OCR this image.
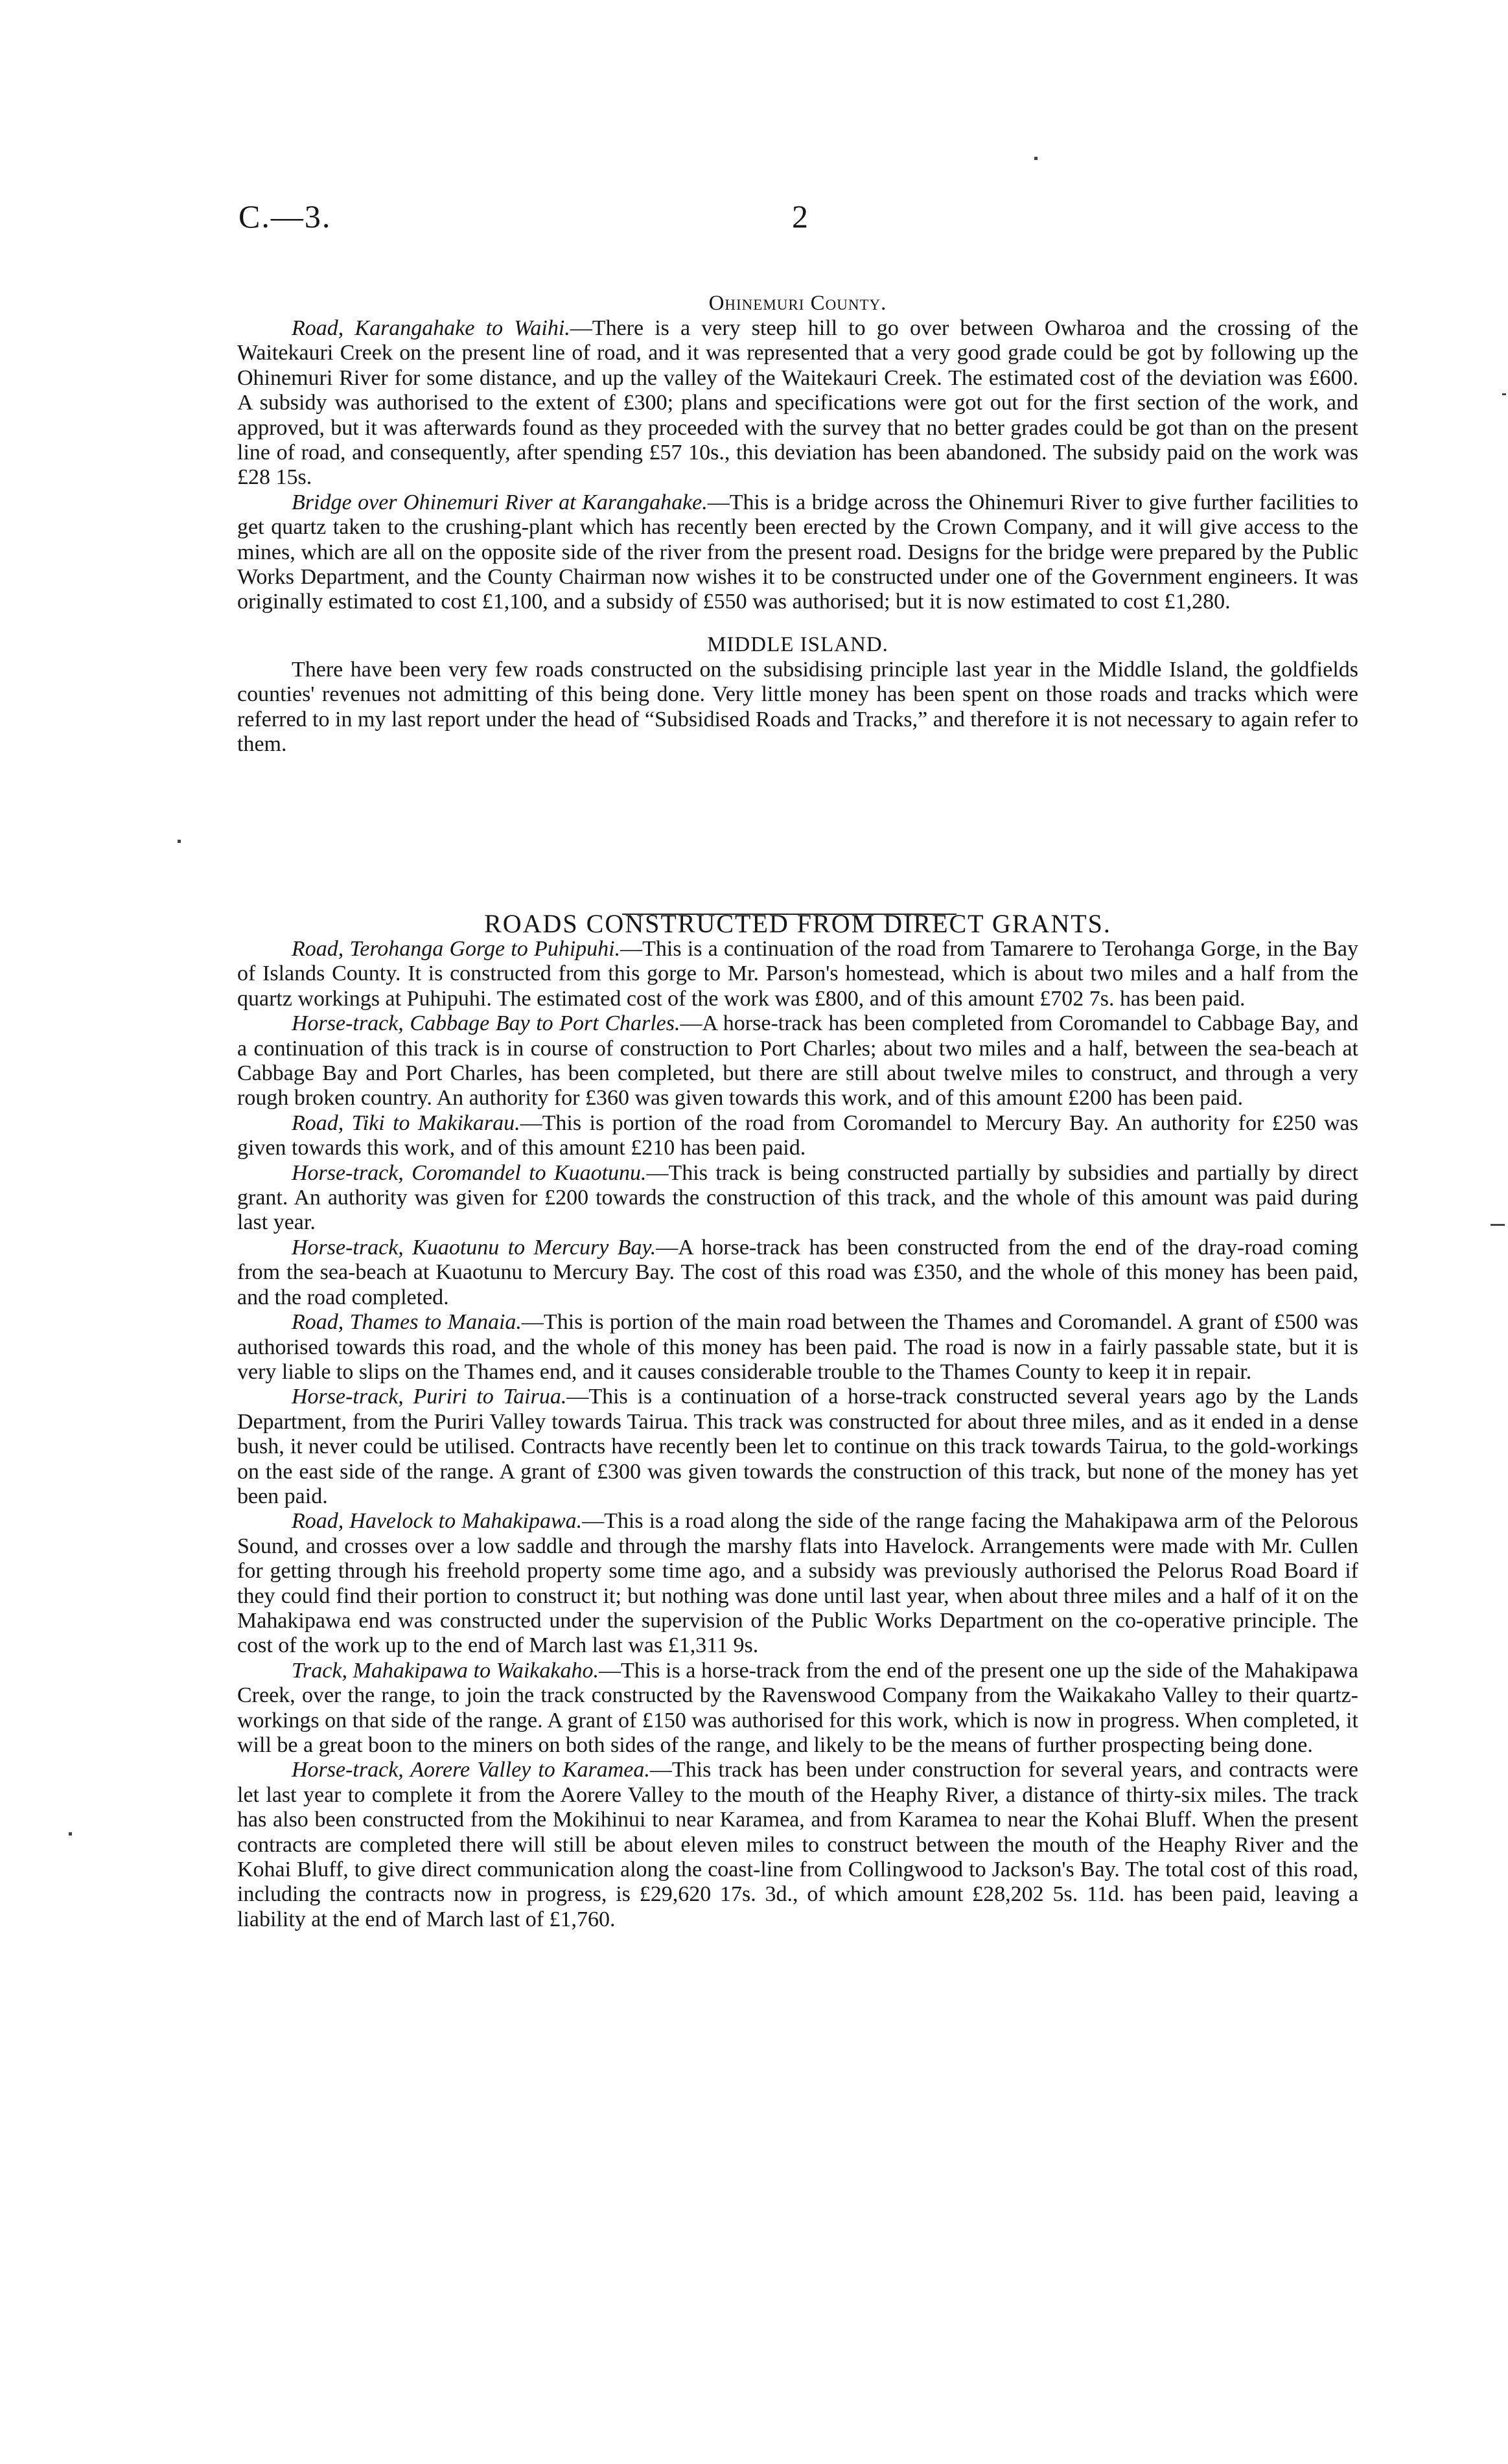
C.—3.	2
Ohinemuri County.

Road, Karangahake to Waihi.—There is a very steep hill to go over between Owharoa and the crossing of the Waitekauri Creek on the present line of road, and it was represented that a very good grade could be got by following up the Ohinemuri River for some distance, and up the valley of the Waitekauri Creek. The estimated cost of the deviation was £600. A subsidy was authorised to the extent of £300; plans and specifications were got out for the first section of the work, and approved, but it was afterwards found as they proceeded with the survey that no better grades could be got than on the present line of road, and consequently, after spending £57 10s., this deviation has been abandoned. The subsidy paid on the work was £28 15s.

Bridge over Ohinemuri River at Karangahake.—This is a bridge across the Ohinemuri River to give further facilities to get quartz taken to the crushing-plant which has recently been erected by the Crown Company, and it will give access to the mines, which are all on the opposite side of the river from the present road. Designs for the bridge were prepared by the Public Works Department, and the County Chairman now wishes it to be constructed under one of the Government engineers. It was originally estimated to cost £1,100, and a subsidy of £550 was authorised; but it is now estimated to cost £1,280.

MIDDLE ISLAND.

There have been very few roads constructed on the subsidising principle last year in the Middle Island, the goldfields counties' revenues not admitting of this being done. Very little money has been spent on those roads and tracks which were referred to in my last report under the head of “Subsidised Roads and Tracks,” and therefore it is not necessary to again refer to them.

ROADS CONSTRUCTED FROM DIRECT GRANTS.

Road, Terohanga Gorge to Puhipuhi.—This is a continuation of the road from Tamarere to Terohanga Gorge, in the Bay of Islands County. It is constructed from this gorge to Mr. Parson's homestead, which is about two miles and a half from the quartz workings at Puhipuhi. The estimated cost of the work was £800, and of this amount £702 7s. has been paid.

Horse-track, Cabbage Bay to Port Charles.—A horse-track has been completed from Coromandel to Cabbage Bay, and a continuation of this track is in course of construction to Port Charles; about two miles and a half, between the sea-beach at Cabbage Bay and Port Charles, has been completed, but there are still about twelve miles to construct, and through a very rough broken country. An authority for £360 was given towards this work, and of this amount £200 has been paid.

Road, Tiki to Makikarau.—This is portion of the road from Coromandel to Mercury Bay. An authority for £250 was given towards this work, and of this amount £210 has been paid.

Horse-track, Coromandel to Kuaotunu.—This track is being constructed partially by subsidies and partially by direct grant. An authority was given for £200 towards the construction of this track, and the whole of this amount was paid during last year.

Horse-track, Kuaotunu to Mercury Bay.—A horse-track has been constructed from the end of the dray-road coming from the sea-beach at Kuaotunu to Mercury Bay. The cost of this road was £350, and the whole of this money has been paid, and the road completed.

Road, Thames to Manaia.—This is portion of the main road between the Thames and Coromandel. A grant of £500 was authorised towards this road, and the whole of this money has been paid. The road is now in a fairly passable state, but it is very liable to slips on the Thames end, and it causes considerable trouble to the Thames County to keep it in repair.

Horse-track, Puriri to Tairua.—This is a continuation of a horse-track constructed several years ago by the Lands Department, from the Puriri Valley towards Tairua. This track was constructed for about three miles, and as it ended in a dense bush, it never could be utilised. Contracts have recently been let to continue on this track towards Tairua, to the gold-workings on the east side of the range. A grant of £300 was given towards the construction of this track, but none of the money has yet been paid.

Road, Havelock to Mahakipawa.—This is a road along the side of the range facing the Mahakipawa arm of the Pelorous Sound, and crosses over a low saddle and through the marshy flats into Havelock. Arrangements were made with Mr. Cullen for getting through his freehold property some time ago, and a subsidy was previously authorised the Pelorus Road Board if they could find their portion to construct it; but nothing was done until last year, when about three miles and a half of it on the Mahakipawa end was constructed under the supervision of the Public Works Department on the co-operative principle. The cost of the work up to the end of March last was £1,311 9s.

Track, Mahakipawa to Waikakaho.—This is a horse-track from the end of the present one up the side of the Mahakipawa Creek, over the range, to join the track constructed by the Ravenswood Company from the Waikakaho Valley to their quartz-workings on that side of the range. A grant of £150 was authorised for this work, which is now in progress. When completed, it will be a great boon to the miners on both sides of the range, and likely to be the means of further prospecting being done.

Horse-track, Aorere Valley to Karamea.—This track has been under construction for several years, and contracts were let last year to complete it from the Aorere Valley to the mouth of the Heaphy River, a distance of thirty-six miles. The track has also been constructed from the Mokihinui to near Karamea, and from Karamea to near the Kohai Bluff. When the present contracts are completed there will still be about eleven miles to construct between the mouth of the Heaphy River and the Kohai Bluff, to give direct communication along the coast-line from Collingwood to Jackson's Bay. The total cost of this road, including the contracts now in progress, is £29,620 17s. 3d., of which amount £28,202 5s. 11d. has been paid, leaving a liability at the end of March last of £1,760.
